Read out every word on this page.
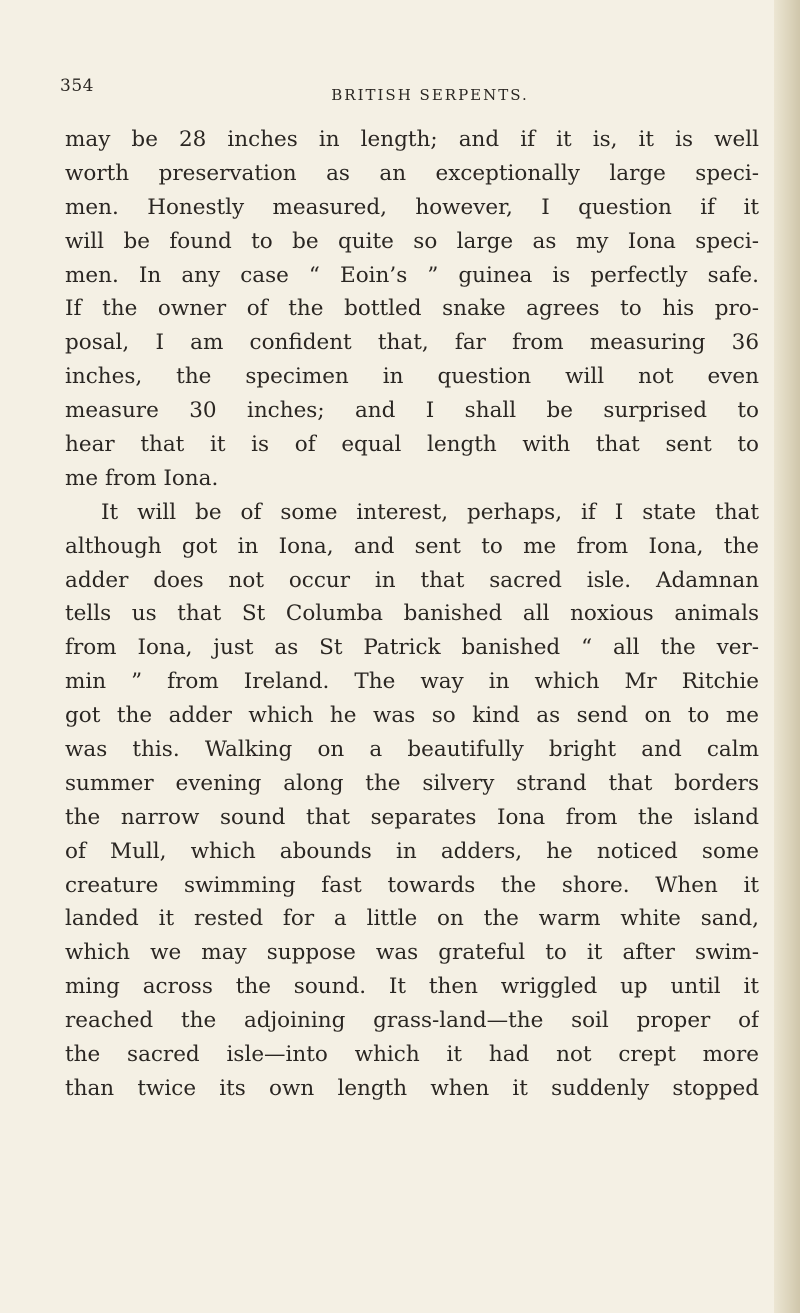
354	BRITISH SERPENTS.
may be 28 inches in length; and if it is, it is well
worth preservation as an exceptionally large speci-
men. Honestly measured, however, I question if it
will be found to be quite so large as my Iona speci-
men. In any case “ Eoin’s ” guinea is perfectly safe.
If the owner of the bottled snake agrees to his pro-
posal, I am confident that, far from measuring 36
inches, the specimen in question will not even
measure 30 inches; and I shall be surprised to
hear that it is of equal length with that sent to
me from Iona.
It will be of some interest, perhaps, if I state that
although got in Iona, and sent to me from Iona, the
adder does not occur in that sacred isle. Adamnan
tells us that St Columba banished all noxious animals
from Iona, just as St Patrick banished “ all the ver-
min ” from Ireland. The way in which Mr Ritchie
got the adder which he was so kind as send on to me
was this. Walking on a beautifully bright and calm
summer evening along the silvery strand that borders
the narrow sound that separates Iona from the island
of Mull, which abounds in adders, he noticed some
creature swimming fast towards the shore. When it
landed it rested for a little on the warm white sand,
which we may suppose was grateful to it after swim-
ming across the sound. It then wriggled up until it
reached the adjoining grass-land—the soil proper of
the sacred isle—into which it had not crept more
than twice its own length when it suddenly stopped
